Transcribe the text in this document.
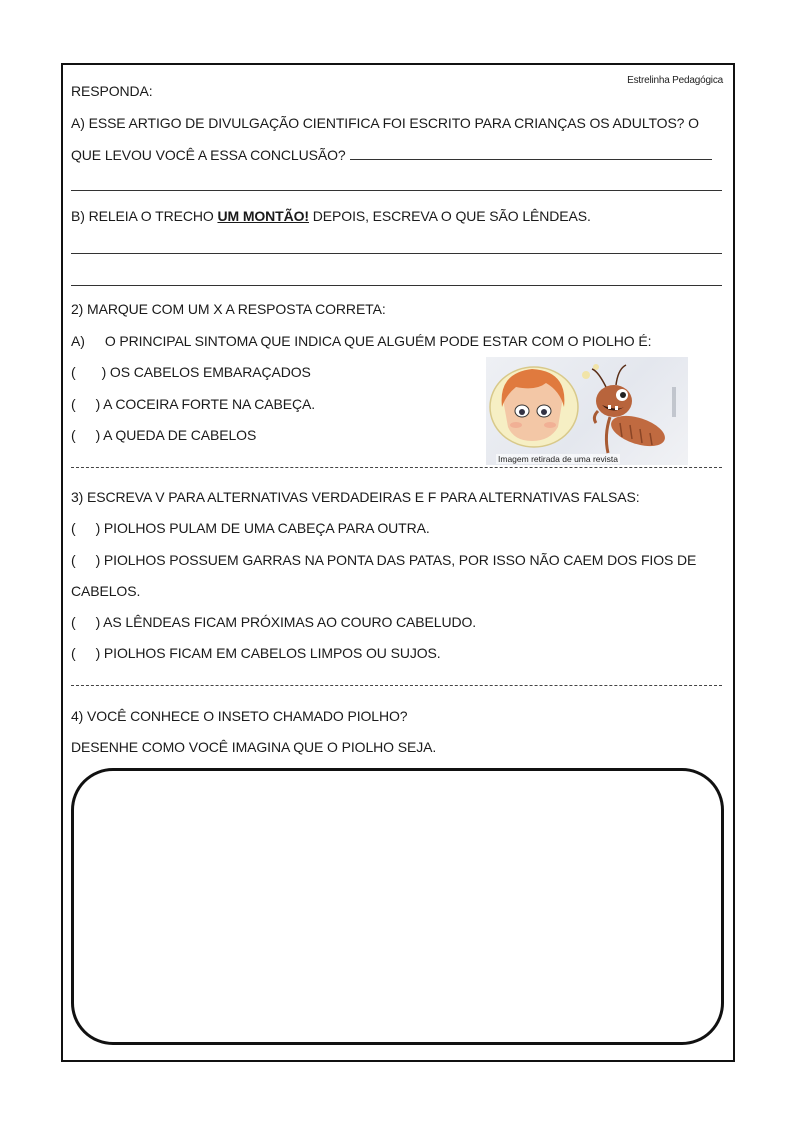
Estrelinha Pedagógica
RESPONDA:
A) ESSE ARTIGO DE DIVULGAÇÃO CIENTIFICA FOI ESCRITO PARA CRIANÇAS OS ADULTOS? O
QUE LEVOU VOCÊ A ESSA CONCLUSÃO?
B) RELEIA O TRECHO UM MONTÃO! DEPOIS, ESCREVA O QUE SÃO LÊNDEAS.
2) MARQUE COM UM X A RESPOSTA CORRETA:
A) O PRINCIPAL SINTOMA QUE INDICA QUE ALGUÉM PODE ESTAR COM O PIOLHO É:
( ) OS CABELOS EMBARAÇADOS
( ) A COCEIRA FORTE NA CABEÇA.
( ) A QUEDA DE CABELOS
Imagem retirada de uma revista
3) ESCREVA V PARA ALTERNATIVAS VERDADEIRAS E F PARA ALTERNATIVAS FALSAS:
( ) PIOLHOS PULAM DE UMA CABEÇA PARA OUTRA.
( ) PIOLHOS POSSUEM GARRAS NA PONTA DAS PATAS, POR ISSO NÃO CAEM DOS FIOS DE
CABELOS.
( ) AS LÊNDEAS FICAM PRÓXIMAS AO COURO CABELUDO.
( ) PIOLHOS FICAM EM CABELOS LIMPOS OU SUJOS.
4) VOCÊ CONHECE O INSETO CHAMADO PIOLHO?
DESENHE COMO VOCÊ IMAGINA QUE O PIOLHO SEJA.
